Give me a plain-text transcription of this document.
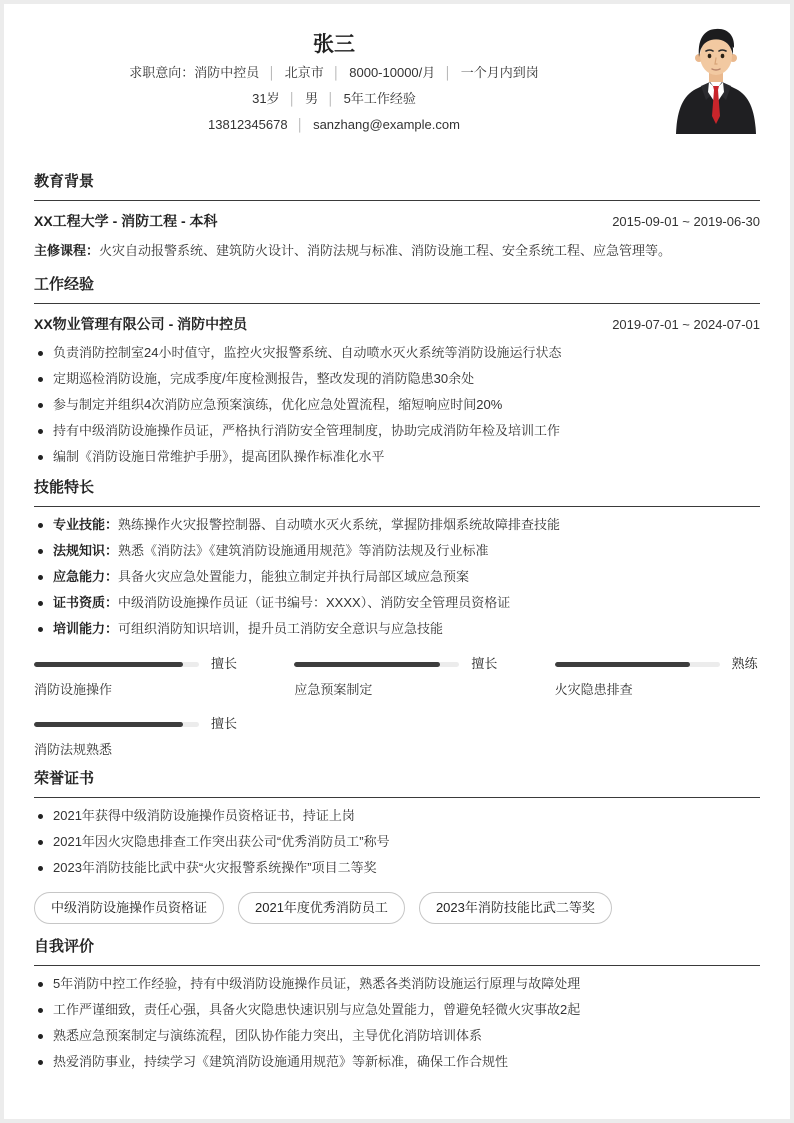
张三
求职意向：消防中控员 │ 北京市 │ 8000-10000/月 │ 一个月内到岗
31岁 │ 男 │ 5年工作经验
13812345678 │ sanzhang@example.com
教育背景
XX工程大学 - 消防工程 - 本科	2015-09-01 ~ 2019-06-30
主修课程：火灾自动报警系统、建筑防火设计、消防法规与标准、消防设施工程、安全系统工程、应急管理等。
工作经验
XX物业管理有限公司 - 消防中控员	2019-07-01 ~ 2024-07-01
负责消防控制室24小时值守，监控火灾报警系统、自动喷水灭火系统等消防设施运行状态
定期巡检消防设施，完成季度/年度检测报告，整改发现的消防隐患30余处
参与制定并组织4次消防应急预案演练，优化应急处置流程，缩短响应时间20%
持有中级消防设施操作员证，严格执行消防安全管理制度，协助完成消防年检及培训工作
编制《消防设施日常维护手册》，提高团队操作标准化水平
技能特长
专业技能：熟练操作火灾报警控制器、自动喷水灭火系统，掌握防排烟系统故障排查技能
法规知识：熟悉《消防法》《建筑消防设施通用规范》等消防法规及行业标准
应急能力：具备火灾应急处置能力，能独立制定并执行局部区域应急预案
证书资质：中级消防设施操作员证（证书编号：XXXX）、消防安全管理员资格证
培训能力：可组织消防知识培训，提升员工消防安全意识与应急技能
擅长
消防设施操作
擅长
应急预案制定
熟练
火灾隐患排查
擅长
消防法规熟悉
荣誉证书
2021年获得中级消防设施操作员资格证书，持证上岗
2021年因火灾隐患排查工作突出获公司“优秀消防员工”称号
2023年消防技能比武中获“火灾报警系统操作”项目二等奖
中级消防设施操作员资格证	2021年度优秀消防员工	2023年消防技能比武二等奖
自我评价
5年消防中控工作经验，持有中级消防设施操作员证，熟悉各类消防设施运行原理与故障处理
工作严谨细致，责任心强，具备火灾隐患快速识别与应急处置能力，曾避免轻微火灾事故2起
熟悉应急预案制定与演练流程，团队协作能力突出，主导优化消防培训体系
热爱消防事业，持续学习《建筑消防设施通用规范》等新标准，确保工作合规性
